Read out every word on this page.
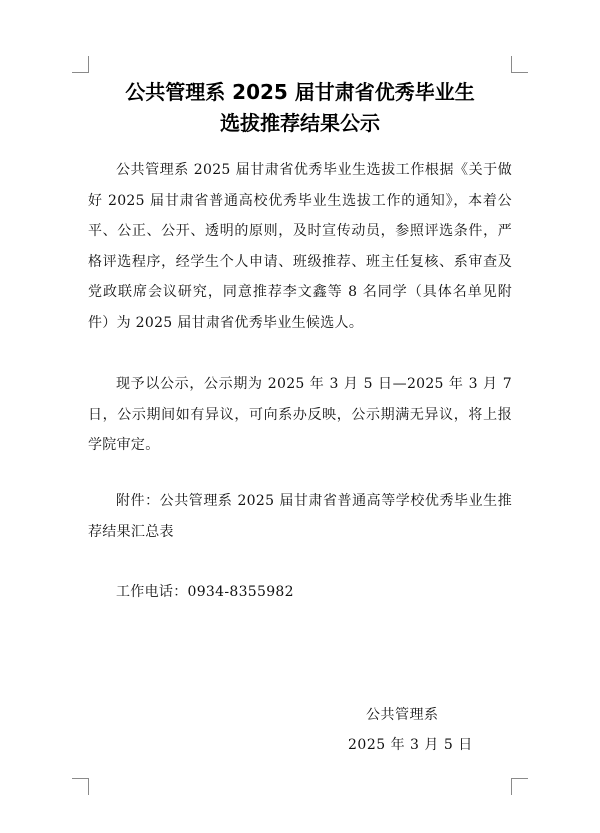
公共管理系 2025 届甘肃省优秀毕业生
选拔推荐结果公示

公共管理系 2025 届甘肃省优秀毕业生选拔工作根据《关于做好 2025 届甘肃省普通高校优秀毕业生选拔工作的通知》，本着公平、公正、公开、透明的原则，及时宣传动员，参照评选条件，严格评选程序，经学生个人申请、班级推荐、班主任复核、系审查及党政联席会议研究，同意推荐李文鑫等 8 名同学（具体名单见附件）为 2025 届甘肃省优秀毕业生候选人。

现予以公示，公示期为 2025 年 3 月 5 日—2025 年 3 月 7 日，公示期间如有异议，可向系办反映，公示期满无异议，将上报学院审定。

附件：公共管理系 2025 届甘肃省普通高等学校优秀毕业生推荐结果汇总表

工作电话：0934-8355982

公共管理系

2025 年 3 月 5 日
